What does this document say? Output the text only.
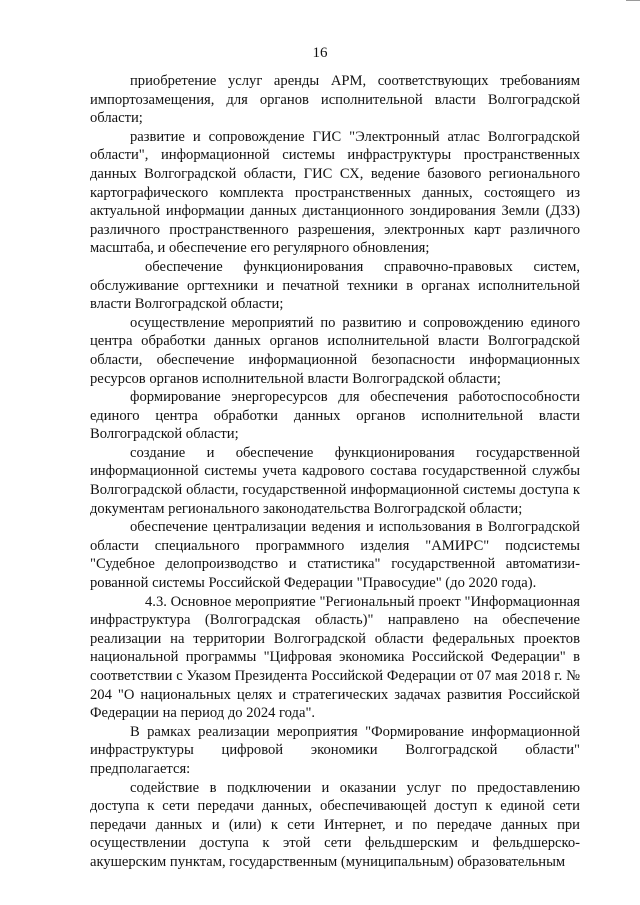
16

приобретение услуг аренды АРМ, соответствующих требованиям импортозамещения, для органов исполнительной власти Волгоградской области;

развитие и сопровождение ГИС "Электронный атлас Волгоградской области", информационной системы инфраструктуры пространственных данных Волгоградской области, ГИС СХ, ведение базового регионального картографического комплекта пространственных данных, состоящего из актуальной информации данных дистанционного зондирования Земли (ДЗЗ) различного пространственного разрешения, электронных карт различного масштаба, и обеспечение его регулярного обновления;

обеспечение функционирования справочно-правовых систем, обслуживание оргтехники и печатной техники в органах исполнительной власти Волгоградской области;

осуществление мероприятий по развитию и сопровождению единого центра обработки данных органов исполнительной власти Волгоградской области, обеспечение информационной безопасности информационных ресурсов органов исполнительной власти Волгоградской области;

формирование энергоресурсов для обеспечения работоспособности единого центра обработки данных органов исполнительной власти Волгоградской области;

создание и обеспечение функционирования государственной информационной системы учета кадрового состава государственной службы Волгоградской области, государственной информационной системы доступа к документам регионального законодательства Волгоградской области;

обеспечение централизации ведения и использования в Волгоградской области специального программного изделия "АМИРС" подсистемы "Судебное делопроизводство и статистика" государственной автоматизированной системы Российской Федерации "Правосудие" (до 2020 года).

4.3. Основное мероприятие "Региональный проект "Информационная инфраструктура (Волгоградская область)" направлено на обеспечение реализации на территории Волгоградской области федеральных проектов национальной программы "Цифровая экономика Российской Федерации" в соответствии с Указом Президента Российской Федерации от 07 мая 2018 г. № 204 "О национальных целях и стратегических задачах развития Российской Федерации на период до 2024 года".

В рамках реализации мероприятия "Формирование информационной инфраструктуры цифровой экономики Волгоградской области" предполагается:

содействие в подключении и оказании услуг по предоставлению доступа к сети передачи данных, обеспечивающей доступ к единой сети передачи данных и (или) к сети Интернет, и по передаче данных при осуществлении доступа к этой сети фельдшерским и фельдшерско-акушерским пунктам, государственным (муниципальным) образовательным
